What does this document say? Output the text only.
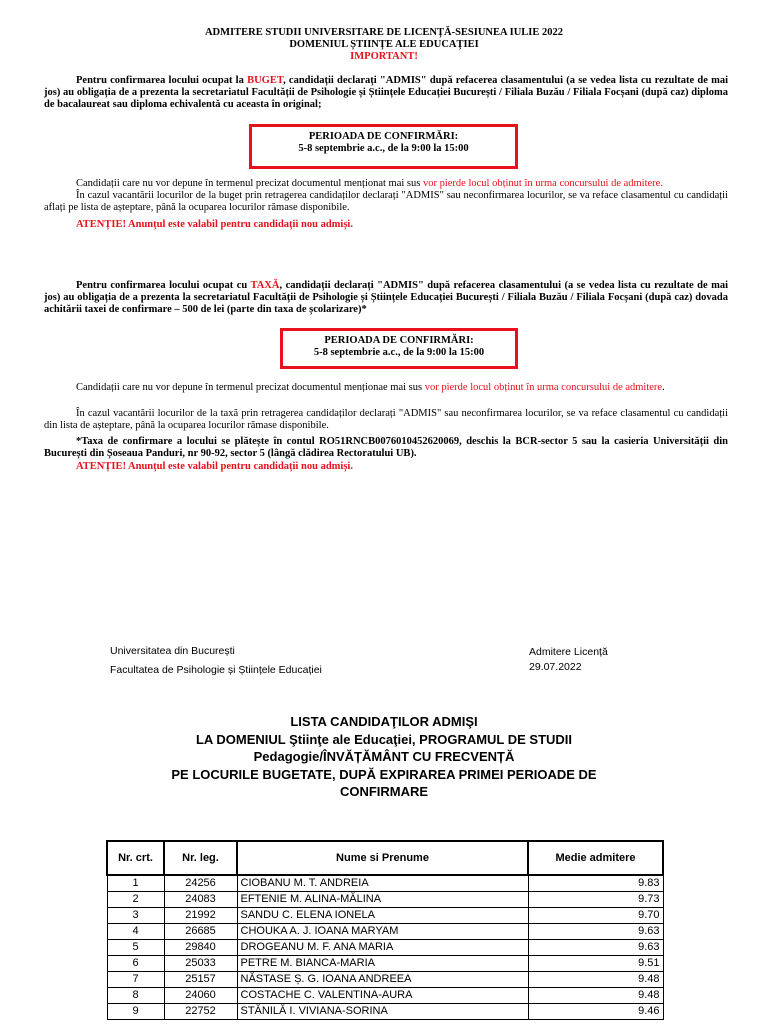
ADMITERE STUDII UNIVERSITARE DE LICENȚĂ-SESIUNEA IULIE 2022
DOMENIUL ȘTIINȚE ALE EDUCAȚIEI
IMPORTANT!
Pentru confirmarea locului ocupat la BUGET, candidații declarați "ADMIS" după refacerea clasamentului (a se vedea lista cu rezultate de mai jos) au obligația de a prezenta la secretariatul Facultății de Psihologie și Științele Educației București / Filiala Buzău / Filiala Focșani (după caz) diploma de bacalaureat sau diploma echivalentă cu aceasta în original;
PERIOADA DE CONFIRMĂRI:
5-8 septembrie a.c., de la 9:00 la 15:00
Candidații care nu vor depune în termenul precizat documentul menționat mai sus vor pierde locul obținut în urma concursului de admitere.
În cazul vacantării locurilor de la buget prin retragerea candidaților declarați "ADMIS" sau neconfirmarea locurilor, se va reface clasamentul cu candidații aflați pe lista de așteptare, până la ocuparea locurilor rămase disponibile.
ATENȚIE! Anunțul este valabil pentru candidații nou admiși.
Pentru confirmarea locului ocupat cu TAXĂ, candidații declarați "ADMIS" după refacerea clasamentului (a se vedea lista cu rezultate de mai jos) au obligația de a prezenta la secretariatul Facultății de Psihologie și Științele Educației București / Filiala Buzău / Filiala Focșani (după caz) dovada achitării taxei de confirmare – 500 de lei (parte din taxa de școlarizare)*
PERIOADA DE CONFIRMĂRI:
5-8 septembrie a.c., de la 9:00 la 15:00
Candidații care nu vor depune în termenul precizat documentul menționae mai sus vor pierde locul obținut în urma concursului de admitere.
În cazul vacantării locurilor de la taxă prin retragerea candidaților declarați "ADMIS" sau neconfirmarea locurilor, se va reface clasamentul cu candidații din lista de așteptare, până la ocuparea locurilor rămase disponibile.
*Taxa de confirmare a locului se plătește în contul RO51RNCB0076010452620069, deschis la BCR-sector 5 sau la casieria Universității din București din Șoseaua Panduri, nr 90-92, sector 5 (lângă clădirea Rectoratului UB).
ATENȚIE! Anunțul este valabil pentru candidații nou admiși.
Universitatea din București
Facultatea de Psihologie și Științele Educației
Admitere Licență
29.07.2022
LISTA CANDIDAŢILOR ADMIŞI
LA DOMENIUL Ştiinţe ale Educaţiei, PROGRAMUL DE STUDII
Pedagogie/ÎNVĂȚĂMÂNT CU FRECVENȚĂ
PE LOCURILE BUGETATE, DUPĂ EXPIRAREA PRIMEI PERIOADE DE
CONFIRMARE
Nr. crt.	Nr. leg.	Nume si Prenume	Medie admitere
1	24256	CIOBANU M. T. ANDREIA	9.83
2	24083	EFTENIE M. ALINA-MĂLINA	9.73
3	21992	SANDU C. ELENA IONELA	9.70
4	26685	CHOUKA A. J. IOANA MARYAM	9.63
5	29840	DROGEANU M. F. ANA MARIA	9.63
6	25033	PETRE M. BIANCA-MARIA	9.51
7	25157	NĂSTASE Ș. G. IOANA ANDREEA	9.48
8	24060	COSTACHE C. VALENTINA-AURA	9.48
9	22752	STĂNILĂ I. VIVIANA-SORINA	9.46
